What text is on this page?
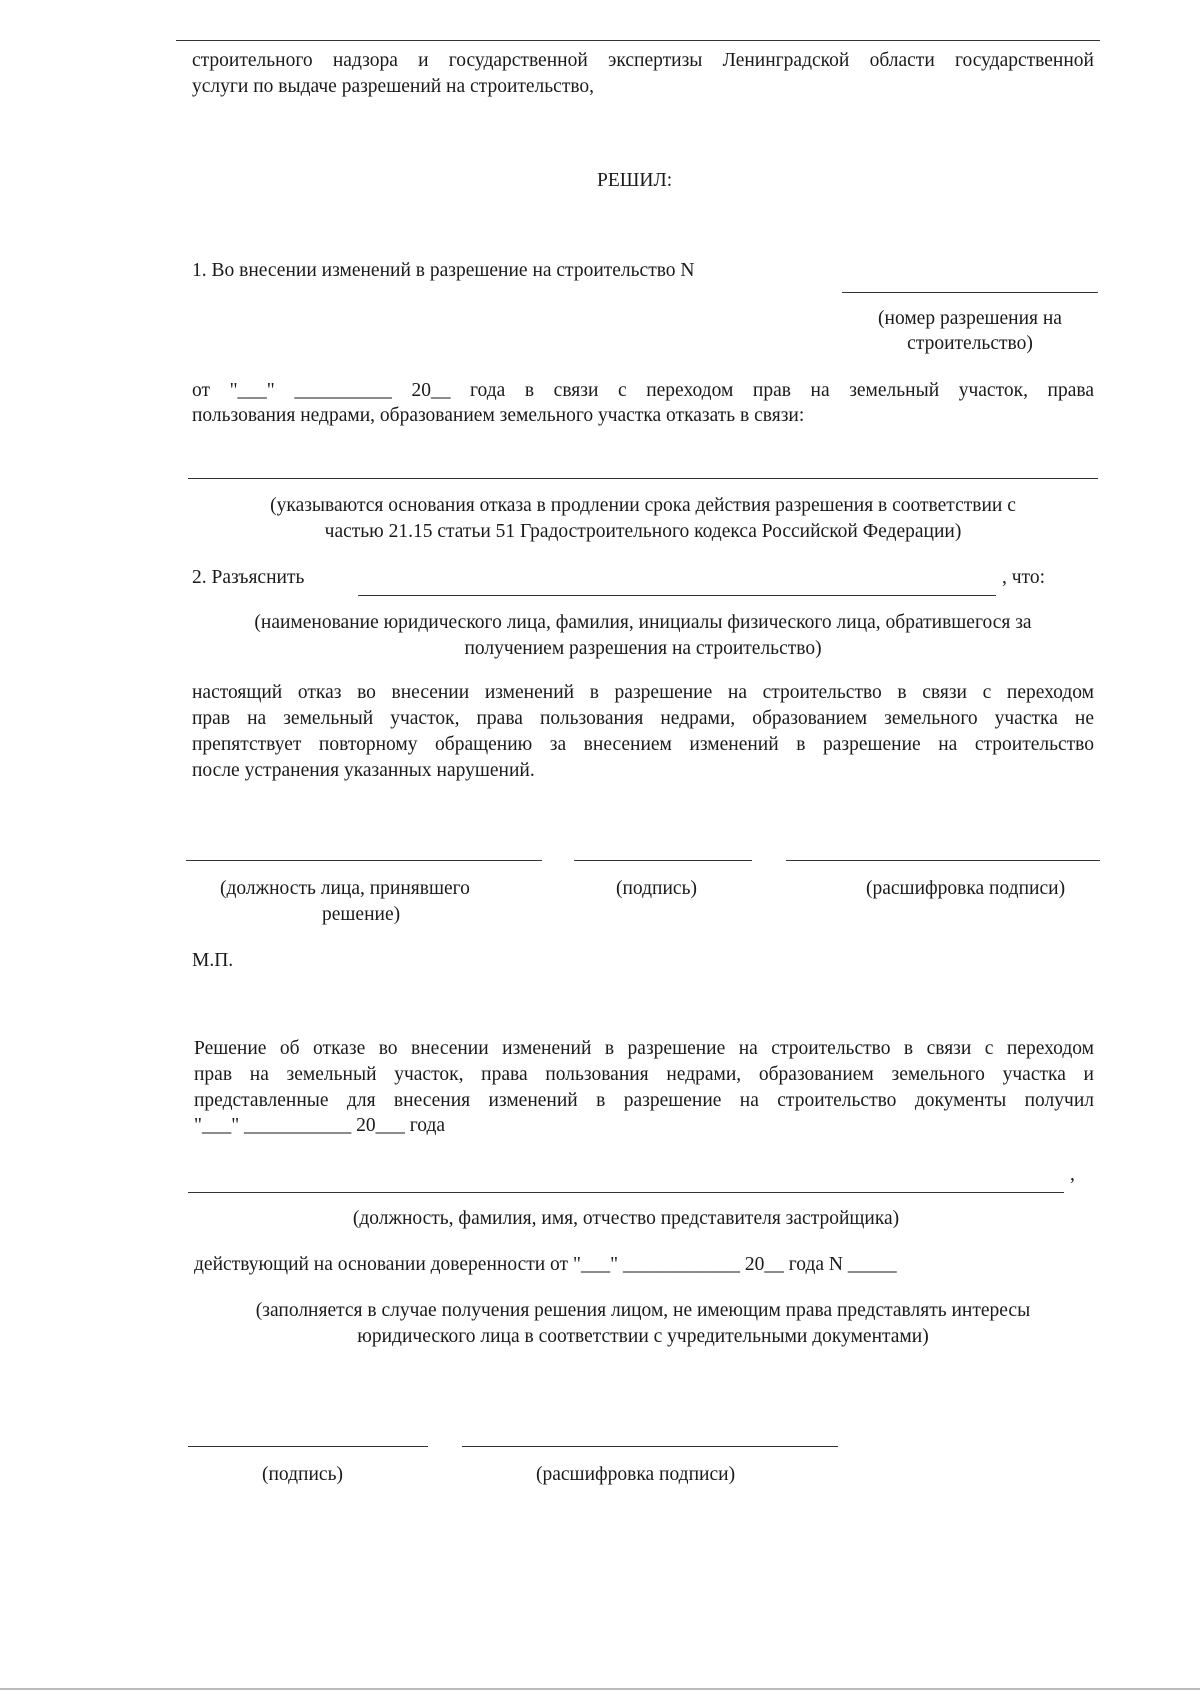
строительного надзора и государственной экспертизы Ленинградской области государственной
услуги по выдаче разрешений на строительство,
РЕШИЛ:
1. Во внесении изменений в разрешение на строительство N
(номер разрешения на
строительство)
от "___" __________ 20__ года в связи с переходом прав на земельный участок, права
пользования недрами, образованием земельного участка отказать в связи:
(указываются основания отказа в продлении срока действия разрешения в соответствии с
частью 21.15 статьи 51 Градостроительного кодекса Российской Федерации)
2. Разъяснить	, что:
(наименование юридического лица, фамилия, инициалы физического лица, обратившегося за
получением разрешения на строительство)
настоящий отказ во внесении изменений в разрешение на строительство в связи с переходом
прав на земельный участок, права пользования недрами, образованием земельного участка не
препятствует повторному обращению за внесением изменений в разрешение на строительство
после устранения указанных нарушений.
(должность лица, принявшего
решение)
(подпись)	(расшифровка подписи)
М.П.
Решение об отказе во внесении изменений в разрешение на строительство в связи с переходом
прав на земельный участок, права пользования недрами, образованием земельного участка и
представленные для внесения изменений в разрешение на строительство документы получил
"___" ___________ 20___ года
,
(должность, фамилия, имя, отчество представителя застройщика)
действующий на основании доверенности от "___" ____________ 20__ года N _____
(заполняется в случае получения решения лицом, не имеющим права представлять интересы
юридического лица в соответствии с учредительными документами)
(подпись)	(расшифровка подписи)
